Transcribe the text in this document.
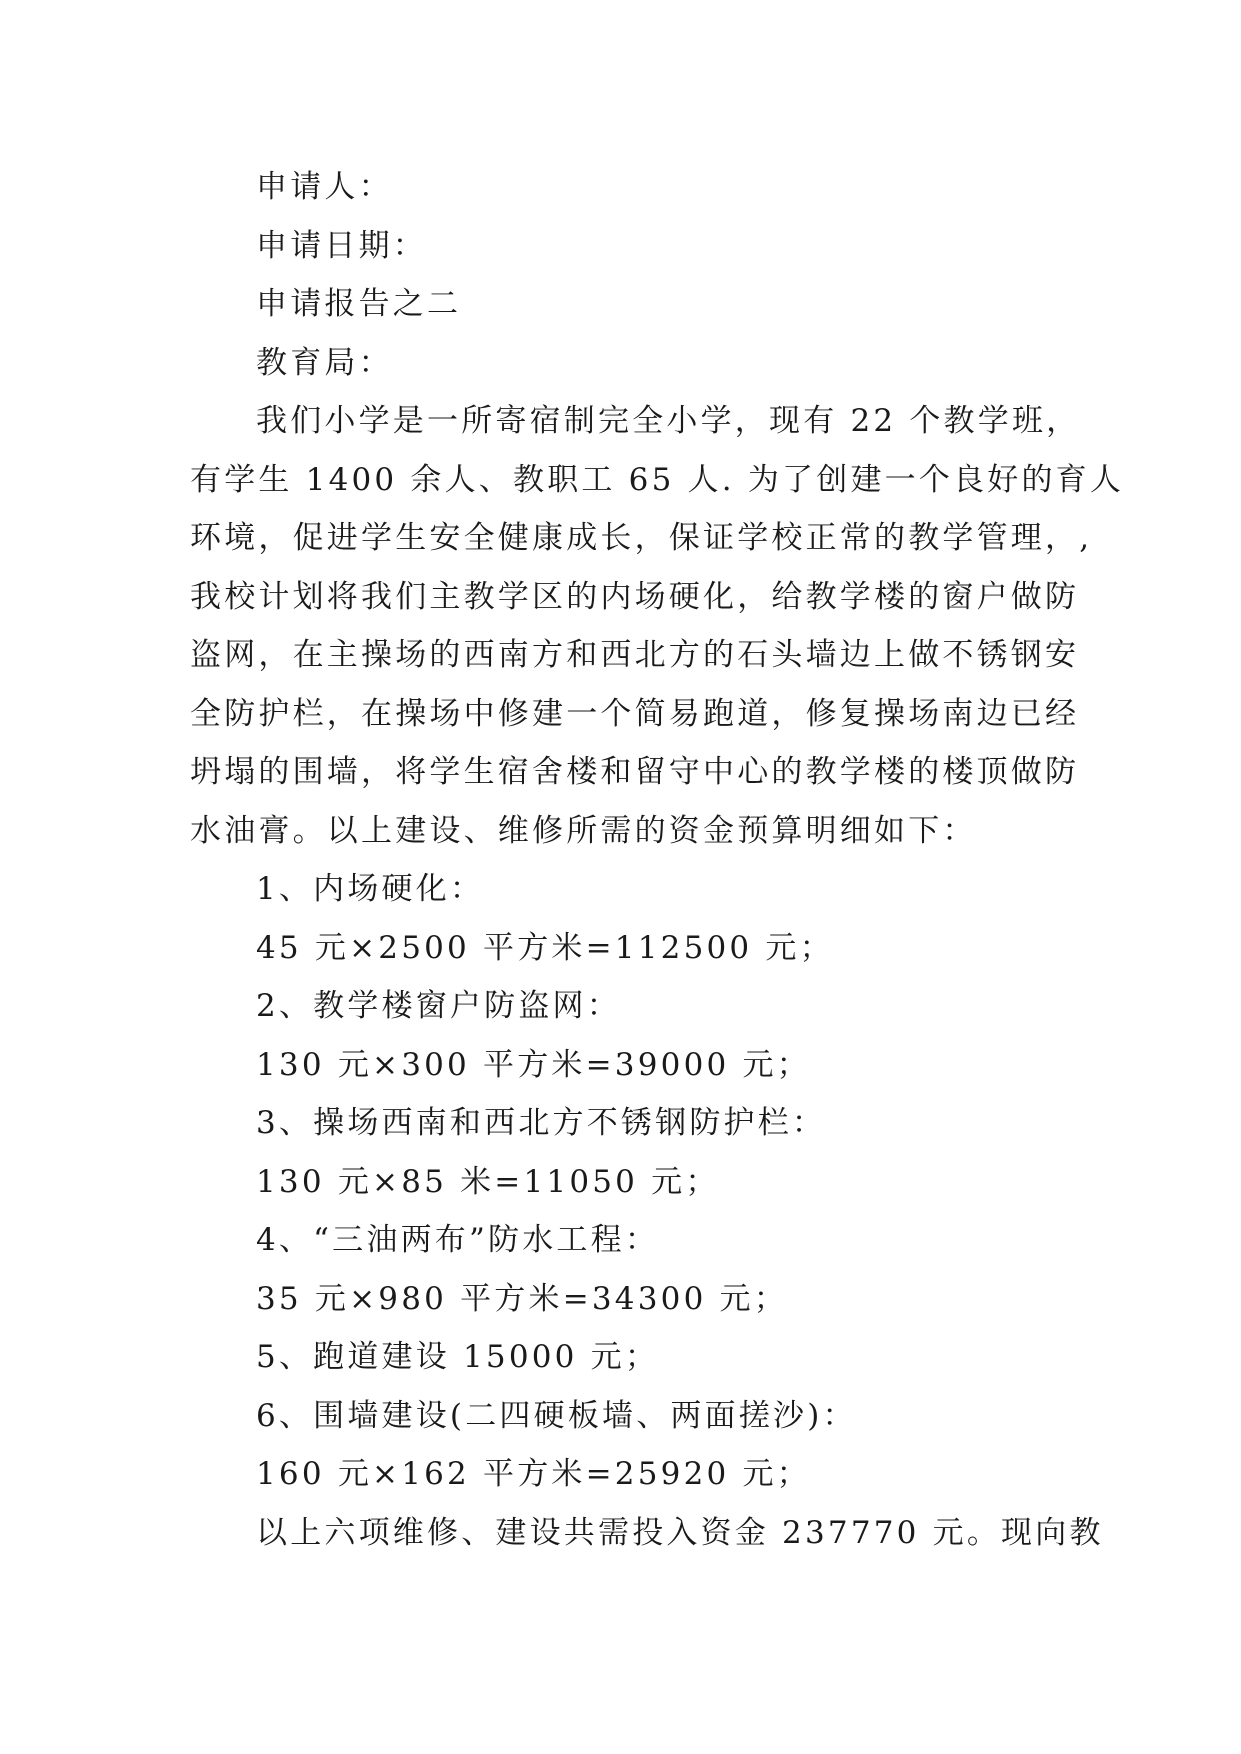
申请人：
申请日期：
申请报告之二
教育局：
我们小学是一所寄宿制完全小学，现有 22 个教学班，
有学生 1400 余人、教职工 65 人. 为了创建一个良好的育人
环境，促进学生安全健康成长，保证学校正常的教学管理，,
我校计划将我们主教学区的内场硬化，给教学楼的窗户做防
盗网，在主操场的西南方和西北方的石头墙边上做不锈钢安
全防护栏，在操场中修建一个简易跑道，修复操场南边已经
坍塌的围墙，将学生宿舍楼和留守中心的教学楼的楼顶做防
水油膏。以上建设、维修所需的资金预算明细如下：
1、内场硬化：
45 元×2500 平方米=112500 元；
2、教学楼窗户防盗网：
130 元×300 平方米=39000 元；
3、操场西南和西北方不锈钢防护栏：
130 元×85 米=11050 元；
4、“三油两布”防水工程：
35 元×980 平方米=34300 元；
5、跑道建设 15000 元；
6、围墙建设(二四硬板墙、两面搓沙)：
160 元×162 平方米=25920 元；
以上六项维修、建设共需投入资金 237770 元。现向教
